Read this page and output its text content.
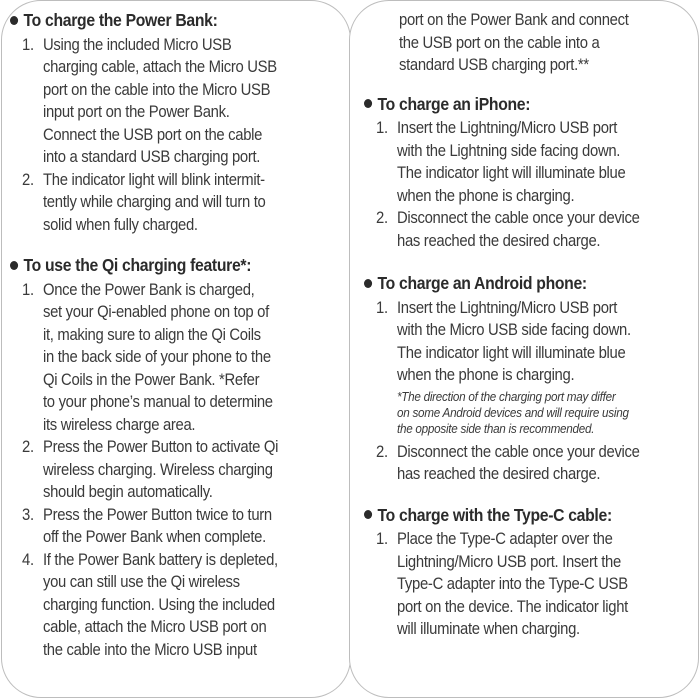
To charge the Power Bank:
1. Using the included Micro USB
charging cable, attach the Micro USB
port on the cable into the Micro USB
input port on the Power Bank.
Connect the USB port on the cable
into a standard USB charging port.
2. The indicator light will blink intermit-
tently while charging and will turn to
solid when fully charged.
To use the Qi charging feature*:
1. Once the Power Bank is charged,
set your Qi-enabled phone on top of
it, making sure to align the Qi Coils
in the back side of your phone to the
Qi Coils in the Power Bank. *Refer
to your phone’s manual to determine
its wireless charge area.
2. Press the Power Button to activate Qi
wireless charging. Wireless charging
should begin automatically.
3. Press the Power Button twice to turn
off the Power Bank when complete.
4. If the Power Bank battery is depleted,
you can still use the Qi wireless
charging function. Using the included
cable, attach the Micro USB port on
the cable into the Micro USB input
port on the Power Bank and connect
the USB port on the cable into a
standard USB charging port.**
To charge an iPhone:
1. Insert the Lightning/Micro USB port
with the Lightning side facing down.
The indicator light will illuminate blue
when the phone is charging.
2. Disconnect the cable once your device
has reached the desired charge.
To charge an Android phone:
1. Insert the Lightning/Micro USB port
with the Micro USB side facing down.
The indicator light will illuminate blue
when the phone is charging.
*The direction of the charging port may differ
on some Android devices and will require using
the opposite side than is recommended.
2. Disconnect the cable once your device
has reached the desired charge.
To charge with the Type-C cable:
1. Place the Type-C adapter over the
Lightning/Micro USB port. Insert the
Type-C adapter into the Type-C USB
port on the device. The indicator light
will illuminate when charging.
